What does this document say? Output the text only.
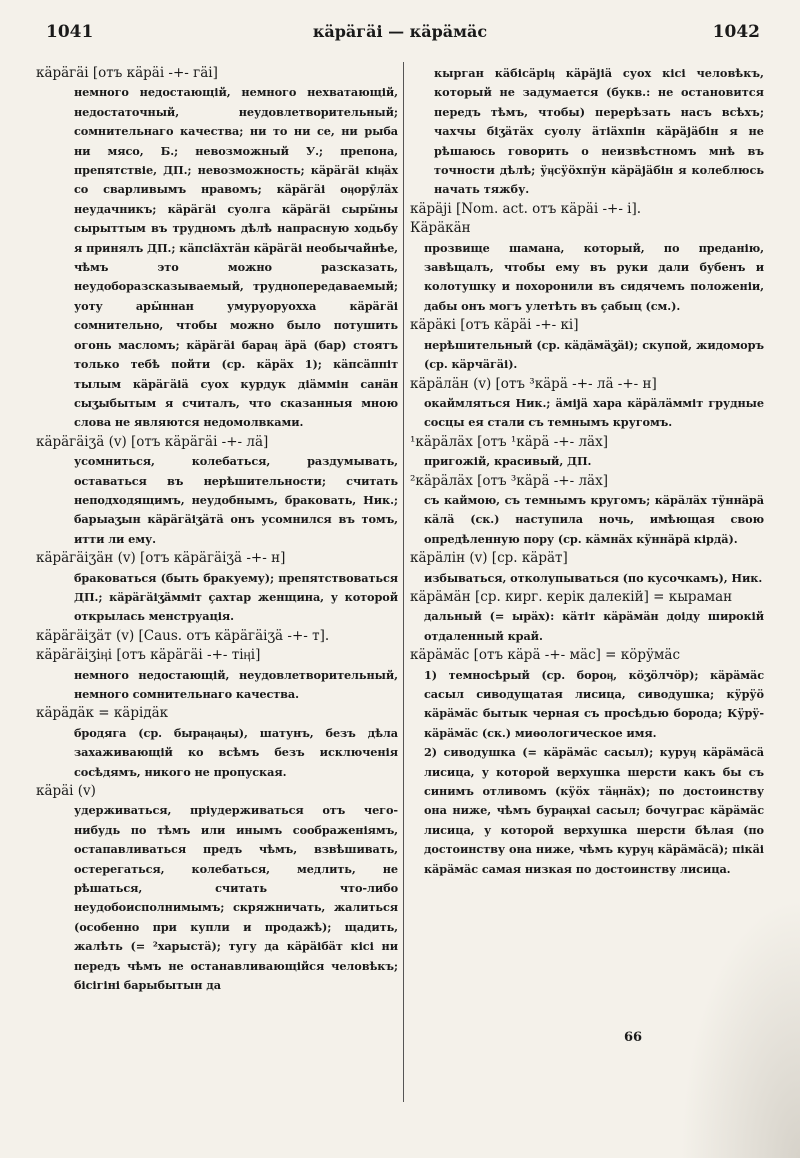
1041	кӓрӓгӓі — кӓрӓмӓс	1042
кӓрӓгӓі [отъ кӓрӓі -+- гӓі]
немного недостающій, немного нехватающій, недостаточный, неудовлетворительный; сомнительнаго качества; ни то ни се, ни рыба ни мясо, Б.; невозможный У.; препона, препятствіе, ДП.; невозможность; кӓрӓгӓі кіӊӓх со сварливымъ нравомъ; кӓрӓгӓі оӊорӯлӓх неудачникъ; кӓрӓгӓі суолга кӓрӓгӓі сырӹны сырыттым въ трудномъ дѣлѣ напрасную ходьбу я принялъ ДП.; кӓпсіӓхтӓн кӓрӓгӓі необычайнѣе, чѣмъ это можно разсказать, неудобоpазсказываемый, труднопередаваемый; уоту арӹннан умуруоруохха кӓрӓгӓі сомнительно, чтобы можно было потушить огонь масломъ; кӓрӓгӓі бараӊ ӓрӓ (бар) стоятъ только тебѣ пойти (ср. кӓрӓх 1); кӓпсӓппіт тылым кӓрӓгӓіӓ суох курдук діӓммін санӓн сыӡыбытым я считалъ, что сказанныя мною слова не являются недомолвками.
кӓрӓгӓіӡӓ (v) [отъ кӓрӓгӓі -+- лӓ]
усомниться, колебаться, раздумывать, оставаться въ нерѣшительности; считать неподходящимъ, неудобнымъ, браковать, Ник.; барыаӡын кӓрӓгӓіӡӓтӓ онъ усомнился въ томъ, итти ли ему.
кӓрӓгӓіӡӓн (v) [отъ кӓрӓгӓіӡӓ -+- н]
браковаться (быть бракуему); препятствоваться ДП.; кӓрӓгӓіӡӓмміт ҫахтар женщина, у которой открылась менструація.
кӓрӓгӓіӡӓт (v) [Caus. отъ кӓрӓгӓіӡӓ -+- т].
кӓрӓгӓіӡіӊі [отъ кӓрӓгӓі -+- тіӊі]
немного недостающій, неудовлетворительный, немного сомнительнаго качества.
кӓрӓдӓк = кӓрідӓк
бродяга (ср. быраӊаӊы), шатунъ, безъ дѣла захаживающій ко всѣмъ безъ исключенія сосѣдямъ, никого не пропуская.
кӓрӓі (v)
удерживаться, пріудерживаться отъ чего-нибудь по тѣмъ или инымъ соображеніямъ, остапавливаться предъ чѣмъ, взвѣшивать, остерегаться, колебаться, медлить, не рѣшаться, считать что-либо неудобоисполнимымъ; скряжничать, жалиться (особенно при купли и продажѣ); щадить, жалѣть (= ²харыстӓ); тугу да кӓрӓібӓт кісі ни передъ чѣмъ не останавливающійся человѣкъ; бісігіні барыбытын да
кырган кӓбісӓріӊ кӓрӓјіӓ суох кісі человѣкъ, который не задумается (букв.: не остановится передъ тѣмъ, чтобы) перерѣзать насъ всѣхъ; чахчы біӡӓтӓх суолу ӓтіӓхпін кӓрӓјӓбін я не рѣшаюсь говорить о неизвѣстномъ мнѣ въ точности дѣлѣ; ӱӊсӱӧхпӱн кӓрӓјӓбін я колеблюсь начать тяжбу.
кӓрӓјі [Nom. act. отъ кӓрӓі -+- і].
Кӓрӓкӓн
прозвище шамана, который, по преданію, завѣщалъ, чтобы ему въ руки дали бубенъ и колотушку и похоронили въ сидячемъ положеніи, дабы онъ могъ улетѣть въ ҫабыц (см.).
кӓрӓкі [отъ кӓрӓі -+- кі]
нерѣшительный (ср. кӓдӓмӓӡӓі); скупой, жидоморъ (ср. кӓрчӓгӓі).
кӓрӓлӓн (v) [отъ ³кӓрӓ -+- лӓ -+- н]
окаймляться Ник.; ӓміјӓ хара кӓрӓлӓмміт грудные сосцы ея стали съ темнымъ кругомъ.
¹кӓрӓлӓх [отъ ¹кӓрӓ -+- лӓх]
пригожій, красивый, ДП.
²кӓрӓлӓх [отъ ³кӓрӓ -+- лӓх]
съ каймою, съ темнымъ кругомъ; кӓрӓлӓх тӱннӓрӓ кӓлӓ (ск.) наступила ночь, имѣющая свою опредѣленную пору (ср. кӓмнӓх кӱннӓрӓ кірдӓ).
кӓрӓлін (v) [ср. кӓрӓт]
избываться, отколупываться (по кусочкамъ), Ник.
кӓрӓмӓн [ср. кирг. керік далекій] = кыраман
дальный (= ырӓх): кӓтіт кӓрӓмӓн доіду широкій отдаленный край.
кӓрӓмӓс [отъ кӓрӓ -+- мӓс] = кӧрӱмӓс
1) темносѣрый (ср. бороӊ, кӧӡӧлчӧр); кӓрӓмӓс сасыл сиводущатая лисица, сиводушка; кӱрӱӧ кӓрӓмӓс бытык черная съ просѣдью борода; Кӱрӱ-кӓрӓмӓс (ск.) миѳологическое имя.
2) сиводушка (= кӓрӓмӓс сасыл); куруӊ кӓрӓмӓсӓ лисица, у которой верхушка шерсти какъ бы съ синимъ отливомъ (кӱӧх тӓӊнӓх); по достоинству она ниже, чѣмъ бураӊхаі сасыл; бочуграс кӓрӓмӓс лисица, у которой верхушка шерсти бѣлая (по достоинству она ниже, чѣмъ куруӊ кӓрӓмӓсӓ); пікӓі кӓрӓмӓс самая низкая по достоинству лисица.
66
